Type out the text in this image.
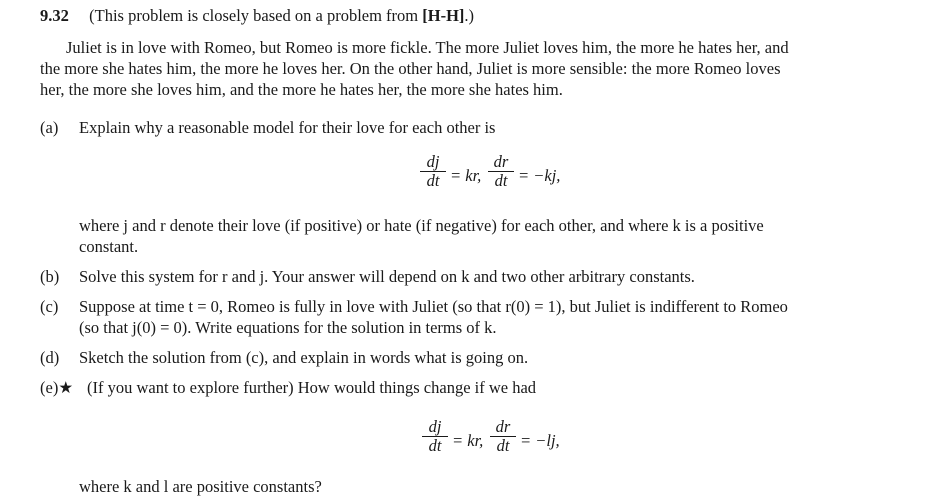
9.32 (This problem is closely based on a problem from [H-H].)
Juliet is in love with Romeo, but Romeo is more fickle. The more Juliet loves him, the more he hates her, and
the more she hates him, the more he loves her. On the other hand, Juliet is more sensible: the more Romeo loves
her, the more she loves him, and the more he hates her, the more she hates him.
(a) Explain why a reasonable model for their love for each other is
$\frac{dj}{dt}$ = kr, $\frac{dr}{dt} = -kj$,
where j and r denote their love (if positive) or hate (if negative) for each other, and where k is a positive
constant.
(b) Solve this system for r and j. Your answer will depend on k and two other arbitrary constants.
(c) Suppose at time t = 0, Romeo is fully in love with Juliet (so that r(0) = 1), but Juliet is indifferent to Romeo
(so that j(0) = 0). Write equations for the solution in terms of k.
(d) Sketch the solution from (c), and explain in words what is going on.
(e)★ (If you want to explore further) How would things change if we had
$\frac{dj}{dt}$ = kr, $\frac{dr}{dt} = -lj$,
where k and l are positive constants?
